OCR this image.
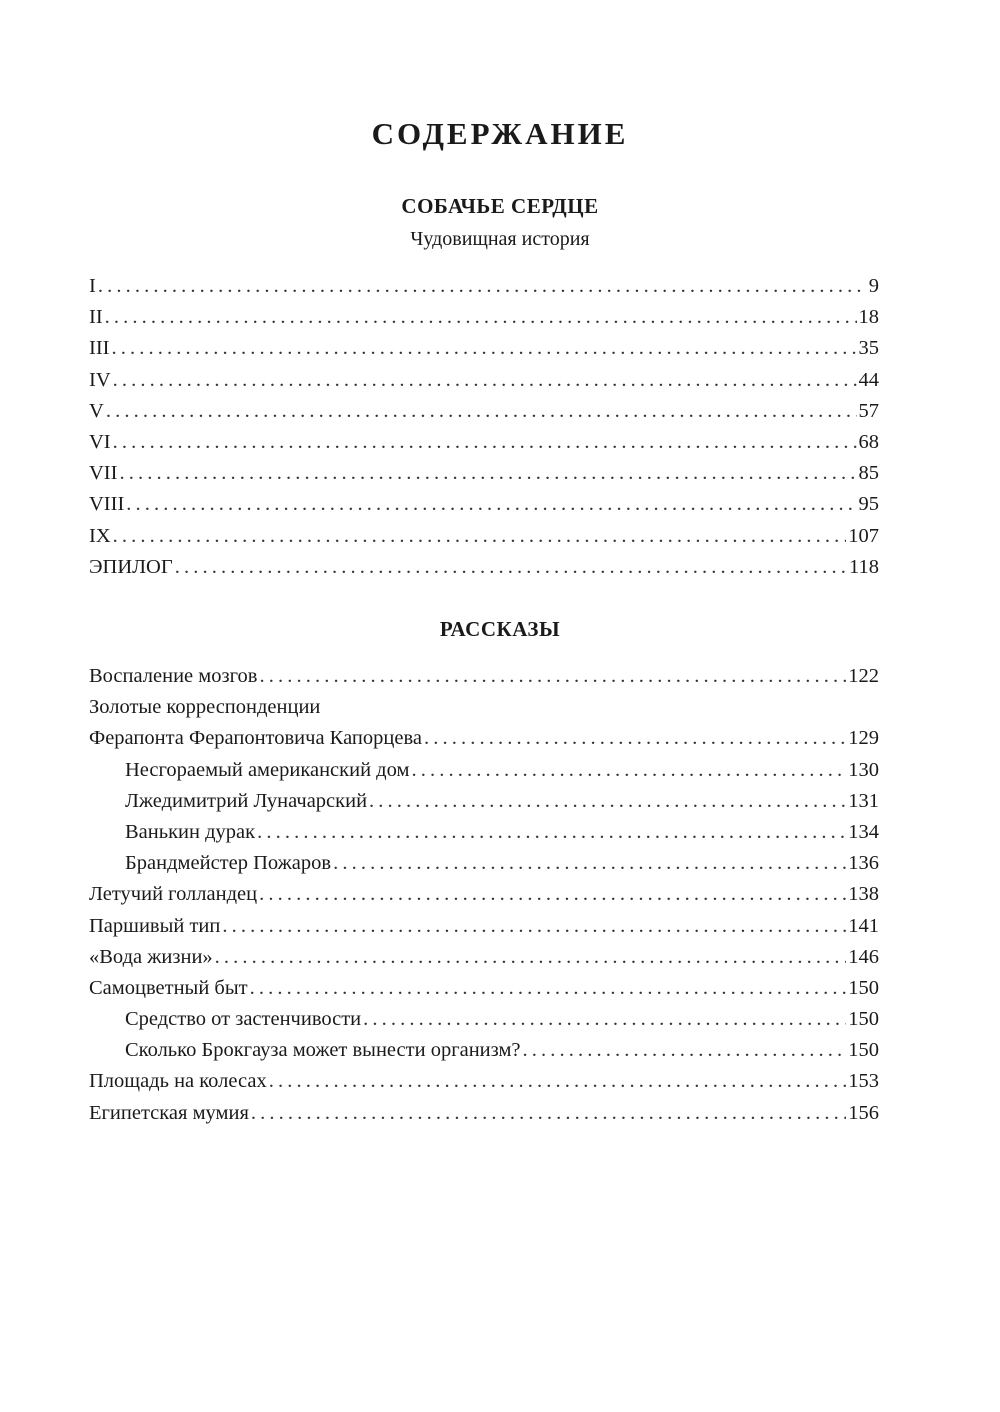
СОДЕРЖАНИЕ
СОБАЧЬЕ СЕРДЦЕ
Чудовищная история
I . . .	9
II . . .	18
III . . .	35
IV . . .	44
V . . .	57
VI . . .	68
VII . . .	85
VIII . . .	95
IX . . .	107
ЭПИЛОГ . . .	118
РАССКАЗЫ
Воспаление мозгов . . .	122
Золотые корреспонденции
Ферапонта Ферапонтовича Капорцева . . .	129
Несгораемый американский дом . . .	130
Лжедимитрий Луначарский . . .	131
Ванькин дурак . . .	134
Брандмейстер Пожаров . . .	136
Летучий голландец . . .	138
Паршивый тип . . .	141
«Вода жизни» . . .	146
Самоцветный быт . . .	150
Средство от застенчивости . . .	150
Сколько Брокгауза может вынести организм? . . .	150
Площадь на колесах . . .	153
Египетская мумия . . .	156
